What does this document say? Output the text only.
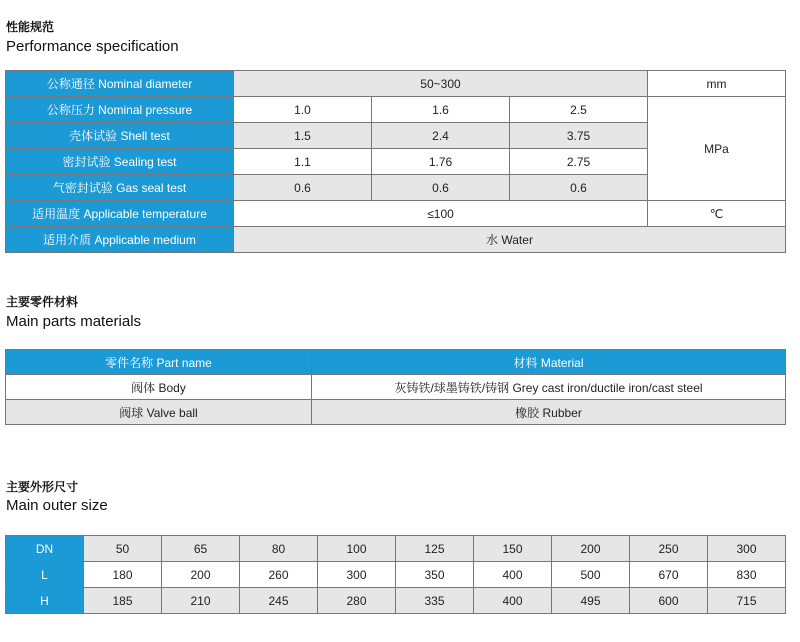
性能规范
Performance specification
公称通径 Nominal diameter	50~300			mm
公称压力 Nominal pressure	1.0	1.6	2.5	MPa
壳体试验 Shell test	1.5	2.4	3.75	
密封试验 Sealing test	1.1	1.76	2.75	
气密封试验 Gas seal test	0.6	0.6	0.6	
适用温度 Applicable temperature	≤100			℃
适用介质 Applicable medium	水 Water			
主要零件材料
Main parts materials
零件名称 Part name	材料 Material
阀体 Body	灰铸铁/球墨铸铁/铸钢 Grey cast iron/ductile iron/cast steel
阀球 Valve ball	橡胶 Rubber
主要外形尺寸
Main outer size
DN	50	65	80	100	125	150	200	250	300
L	180	200	260	300	350	400	500	670	830
H	185	210	245	280	335	400	495	600	715
